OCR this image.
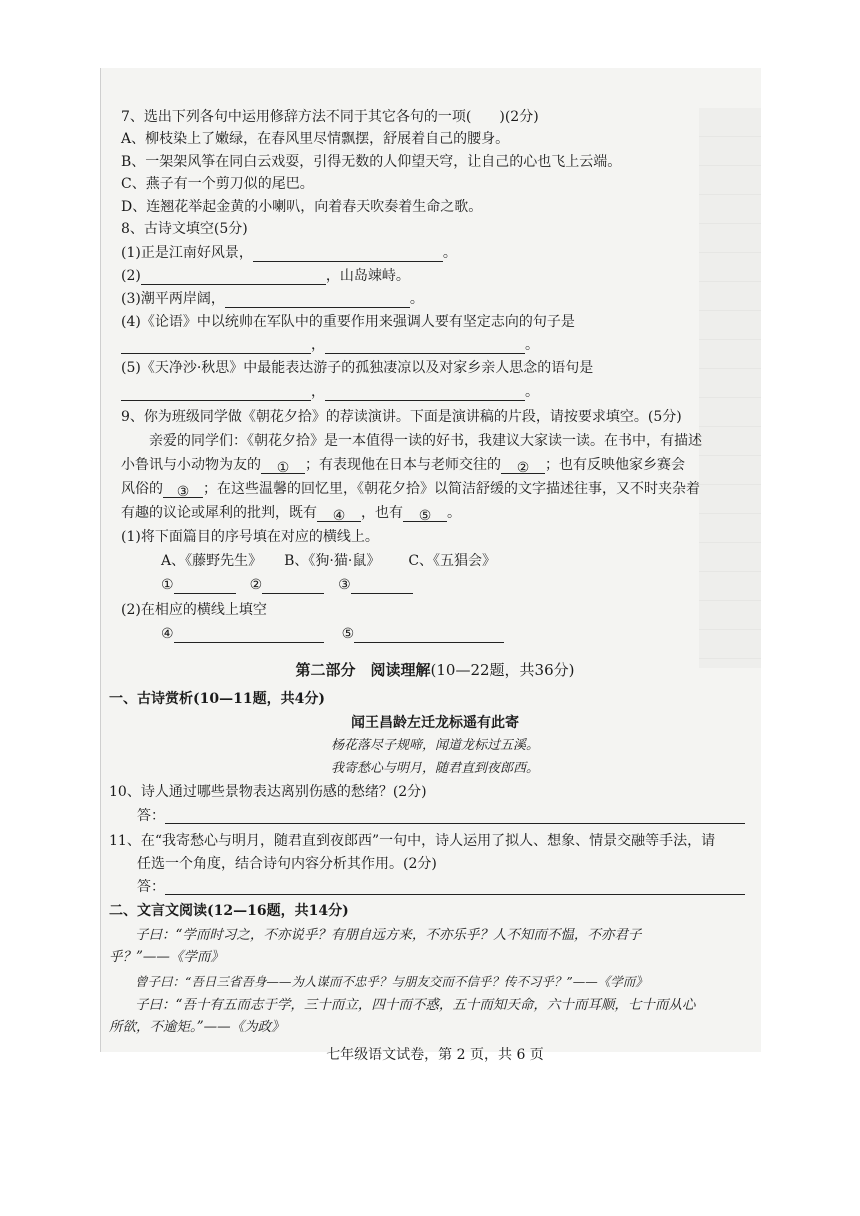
7、选出下列各句中运用修辞方法不同于其它各句的一项(　　)(2分)
A、柳枝染上了嫩绿，在春风里尽情飘摆，舒展着自己的腰身。
B、一架架风筝在同白云戏耍，引得无数的人仰望天穹，让自己的心也飞上云端。
C、燕子有一个剪刀似的尾巴。
D、连翘花举起金黄的小喇叭，向着春天吹奏着生命之歌。
8、古诗文填空(5分)
(1)正是江南好风景，	。
(2)	，山岛竦峙。
(3)潮平两岸阔，	。
(4)《论语》中以统帅在军队中的重要作用来强调人要有坚定志向的句子是
，	。
(5)《天净沙·秋思》中最能表达游子的孤独凄凉以及对家乡亲人思念的语句是
，	。
9、你为班级同学做《朝花夕拾》的荐读演讲。下面是演讲稿的片段，请按要求填空。(5分)
亲爱的同学们：《朝花夕拾》是一本值得一读的好书，我建议大家读一读。在书中，有描述
小鲁讯与小动物为友的 ① ；有表现他在日本与老师交往的 ② ；也有反映他家乡赛会
风俗的 ③ ；在这些温馨的回忆里，《朝花夕拾》以简洁舒缓的文字描述往事，又不时夹杂着
有趣的议论或犀利的批判，既有 ④ ，也有 ⑤ 。
(1)将下面篇目的序号填在对应的横线上。
A、《藤野先生》 B、《狗·猫·鼠》 C、《五猖会》
①	②	③
(2)在相应的横线上填空
④	⑤
第二部分　阅读理解(10—22题，共36分)
一、古诗赏析(10—11题，共4分)
闻王昌龄左迁龙标遥有此寄
杨花落尽子规啼，闻道龙标过五溪。
我寄愁心与明月，随君直到夜郎西。
10、诗人通过哪些景物表达离别伤感的愁绪？(2分)
答：
11、在“我寄愁心与明月，随君直到夜郎西”一句中，诗人运用了拟人、想象、情景交融等手法，请
任选一个角度，结合诗句内容分析其作用。(2分)
答：
二、文言文阅读(12—16题，共14分)
子曰：“学而时习之，不亦说乎？有朋自远方来，不亦乐乎？人不知而不愠，不亦君子
乎？”——《学而》
曾子曰：“吾日三省吾身——为人谋而不忠乎？与朋友交而不信乎？传不习乎？”——《学而》
子曰：“吾十有五而志于学，三十而立，四十而不惑，五十而知天命，六十而耳顺，七十而从心
所欲，不逾矩。”——《为政》
七年级语文试卷，第 2 页，共 6 页
